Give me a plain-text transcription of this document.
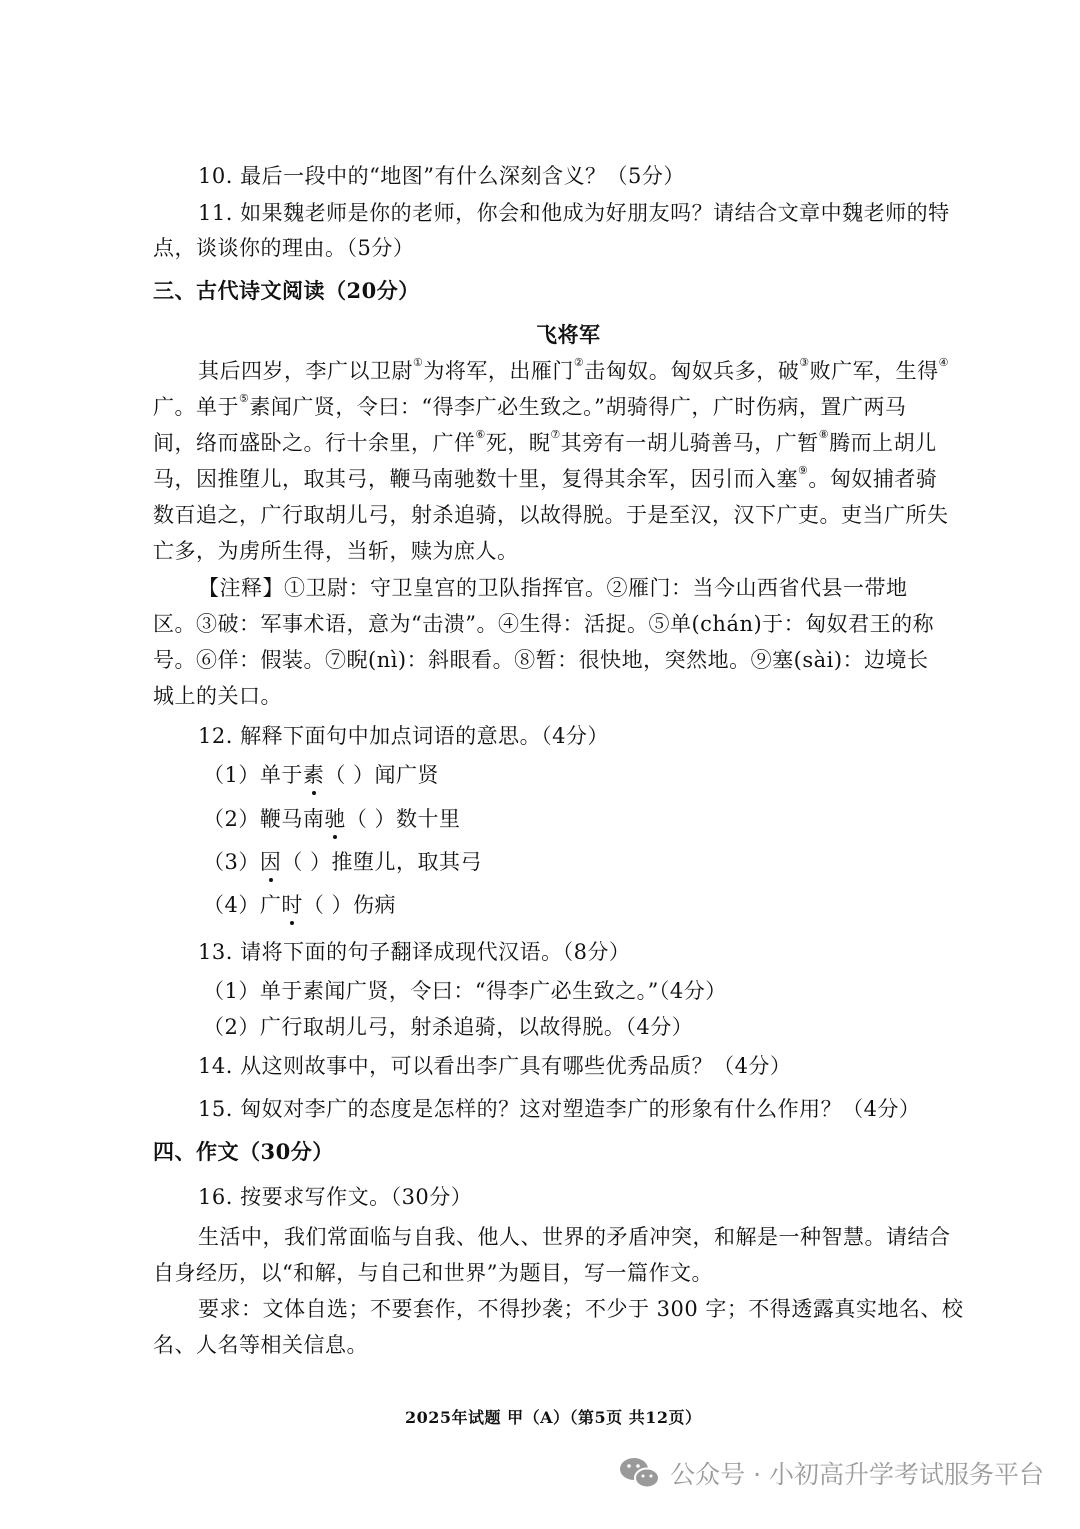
10. 最后一段中的“地图”有什么深刻含义？（5分）
11. 如果魏老师是你的老师，你会和他成为好朋友吗？请结合文章中魏老师的特
点，谈谈你的理由。（5分）
三、古代诗文阅读（20分）
飞将军
其后四岁，李广以卫尉①为将军，出雁门②击匈奴。匈奴兵多，破③败广军，生得④
广。单于⑤素闻广贤，令曰：“得李广必生致之。”胡骑得广，广时伤病，置广两马
间，络而盛卧之。行十余里，广佯⑥死，睨⑦其旁有一胡儿骑善马，广暂⑧腾而上胡儿
马，因推堕儿，取其弓，鞭马南驰数十里，复得其余军，因引而入塞⑨。匈奴捕者骑
数百追之，广行取胡儿弓，射杀追骑，以故得脱。于是至汉，汉下广吏。吏当广所失
亡多，为虏所生得，当斩，赎为庶人。
【注释】①卫尉：守卫皇宫的卫队指挥官。②雁门：当今山西省代县一带地
区。③破：军事术语，意为“击溃”。④生得：活捉。⑤单(chán)于：匈奴君王的称
号。⑥佯：假装。⑦睨(nì)：斜眼看。⑧暂：很快地，突然地。⑨塞(sài)：边境长
城上的关口。
12. 解释下面句中加点词语的意思。（4分）
（1）单于素（ ）闻广贤
（2）鞭马南驰（ ）数十里
（3）因（ ）推堕儿，取其弓
（4）广时（ ）伤病
13. 请将下面的句子翻译成现代汉语。（8分）
（1）单于素闻广贤，令曰：“得李广必生致之。”（4分）
（2）广行取胡儿弓，射杀追骑，以故得脱。（4分）
14. 从这则故事中，可以看出李广具有哪些优秀品质？（4分）
15. 匈奴对李广的态度是怎样的？这对塑造李广的形象有什么作用？（4分）
四、作文（30分）
16. 按要求写作文。（30分）
生活中，我们常面临与自我、他人、世界的矛盾冲突，和解是一种智慧。请结合
自身经历，以“和解，与自己和世界”为题目，写一篇作文。
要求：文体自选；不要套作，不得抄袭；不少于 300 字；不得透露真实地名、校
名、人名等相关信息。
2025年试题 甲（A）（第5页 共12页）
公众号 · 小初高升学考试服务平台
